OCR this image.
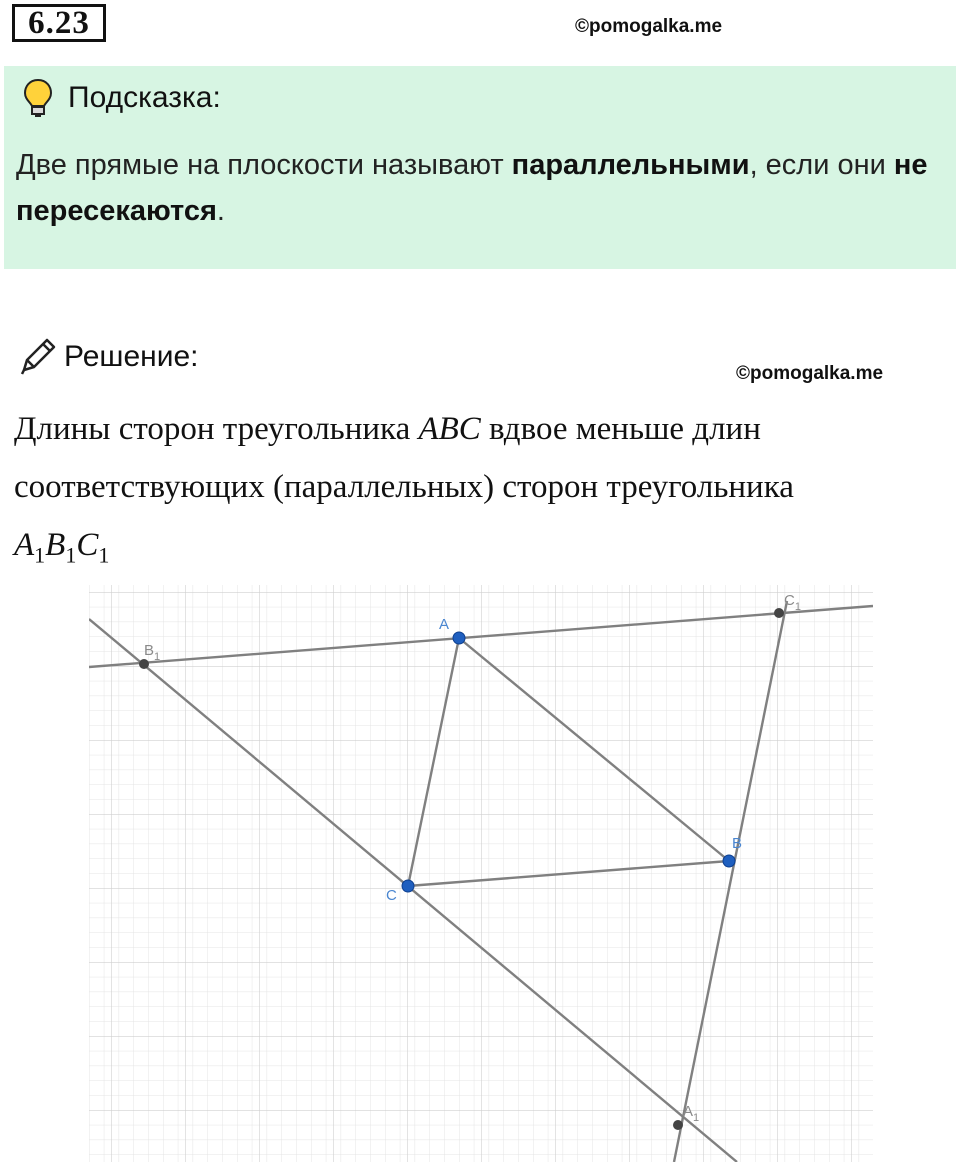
6.23	©pomogalka.me
Подсказка:
Две прямые на плоскости называют параллельными, если они не пересекаются.
Решение:
©pomogalka.me
Длины сторон треугольника ABC вдвое меньше длин соответствующих (параллельных) сторон треугольника
$A_1B_1C_1$
$B_1$
$C_1$
$A_1$
A
B
C
